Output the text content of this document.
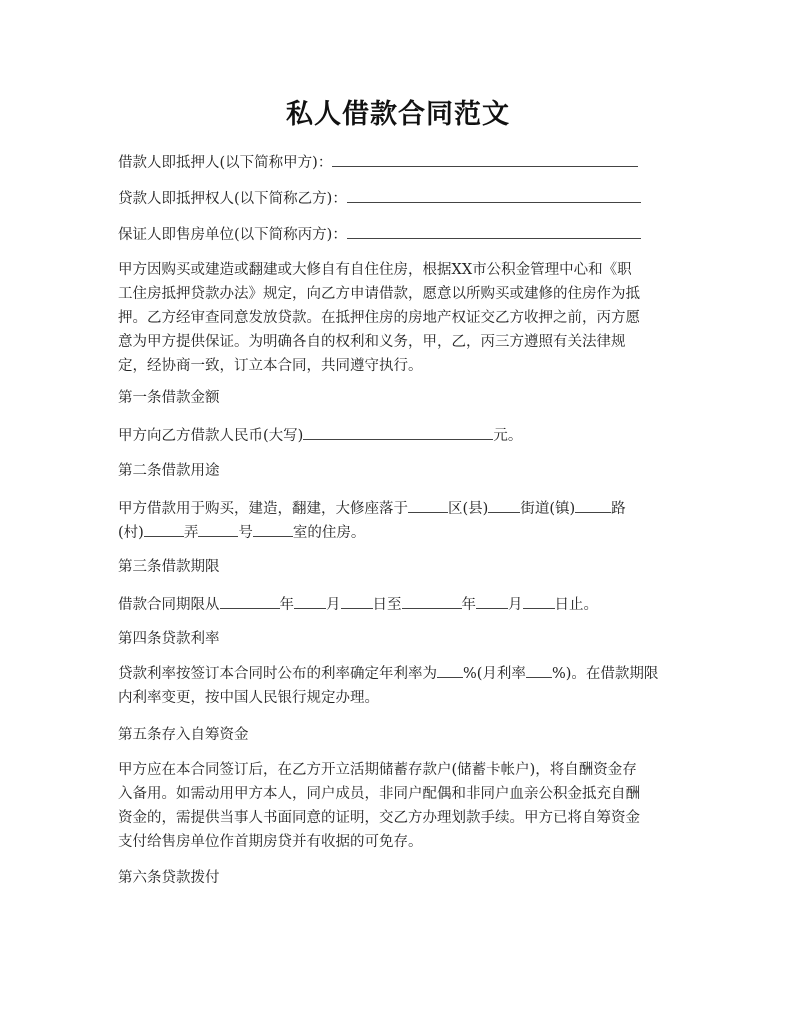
私人借款合同范文
借款人即抵押人(以下简称甲方)：
贷款人即抵押权人(以下简称乙方)：
保证人即售房单位(以下简称丙方)：
甲方因购买或建造或翻建或大修自有自住住房，根据XX市公积金管理中心和《职
工住房抵押贷款办法》规定，向乙方申请借款，愿意以所购买或建修的住房作为抵
押。乙方经审查同意发放贷款。在抵押住房的房地产权证交乙方收押之前，丙方愿
意为甲方提供保证。为明确各自的权利和义务，甲，乙，丙三方遵照有关法律规
定，经协商一致，订立本合同，共同遵守执行。
第一条借款金额
甲方向乙方借款人民币(大写)	元。
第二条借款用途
甲方借款用于购买，建造，翻建，大修座落于	区(县) 街道(镇) 路
(村)	弄	号	室的住房。
第三条借款期限
借款合同期限从	年 月 日至	年 月 日止。
第四条贷款利率
贷款利率按签订本合同时公布的利率确定年利率为 %(月利率 %)。在借款期限
内利率变更，按中国人民银行规定办理。
第五条存入自筹资金
甲方应在本合同签订后，在乙方开立活期储蓄存款户(储蓄卡帐户)，将自酬资金存
入备用。如需动用甲方本人，同户成员，非同户配偶和非同户血亲公积金抵充自酬
资金的，需提供当事人书面同意的证明，交乙方办理划款手续。甲方已将自筹资金
支付给售房单位作首期房贷并有收据的可免存。
第六条贷款拨付
